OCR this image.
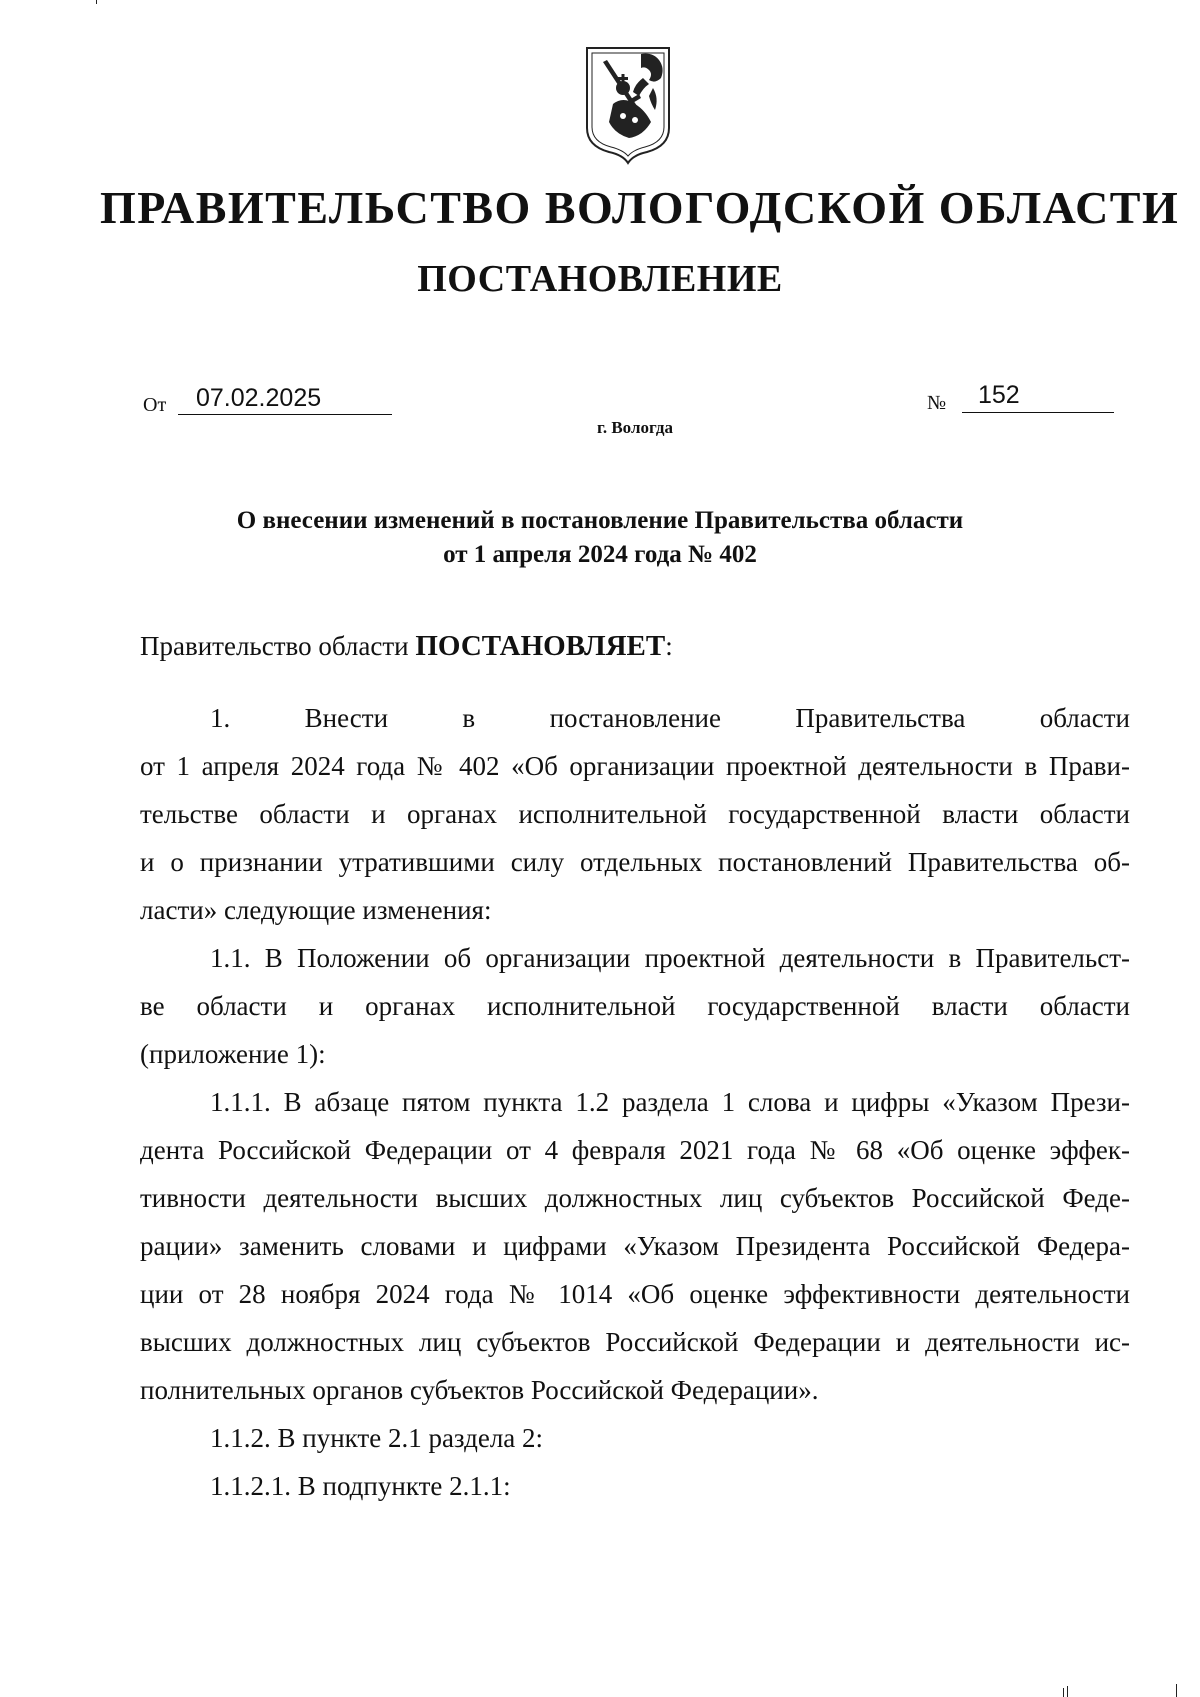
ПРАВИТЕЛЬСТВО ВОЛОГОДСКОЙ ОБЛАСТИ
ПОСТАНОВЛЕНИЕ
От 07.02.2025	№ 152
г. Вологда
О внесении изменений в постановление Правительства области
от 1 апреля 2024 года № 402
Правительство области ПОСТАНОВЛЯЕТ:
1. Внести в постановление Правительства области
от 1 апреля 2024 года № 402 «Об организации проектной деятельности в Прави-
тельстве области и органах исполнительной государственной власти области
и о признании утратившими силу отдельных постановлений Правительства об-
ласти» следующие изменения:
1.1. В Положении об организации проектной деятельности в Правительст-
ве области и органах исполнительной государственной власти области
(приложение 1):
1.1.1. В абзаце пятом пункта 1.2 раздела 1 слова и цифры «Указом Прези-
дента Российской Федерации от 4 февраля 2021 года № 68 «Об оценке эффек-
тивности деятельности высших должностных лиц субъектов Российской Феде-
рации» заменить словами и цифрами «Указом Президента Российской Федера-
ции от 28 ноября 2024 года № 1014 «Об оценке эффективности деятельности
высших должностных лиц субъектов Российской Федерации и деятельности ис-
полнительных органов субъектов Российской Федерации».
1.1.2. В пункте 2.1 раздела 2:
1.1.2.1. В подпункте 2.1.1:
